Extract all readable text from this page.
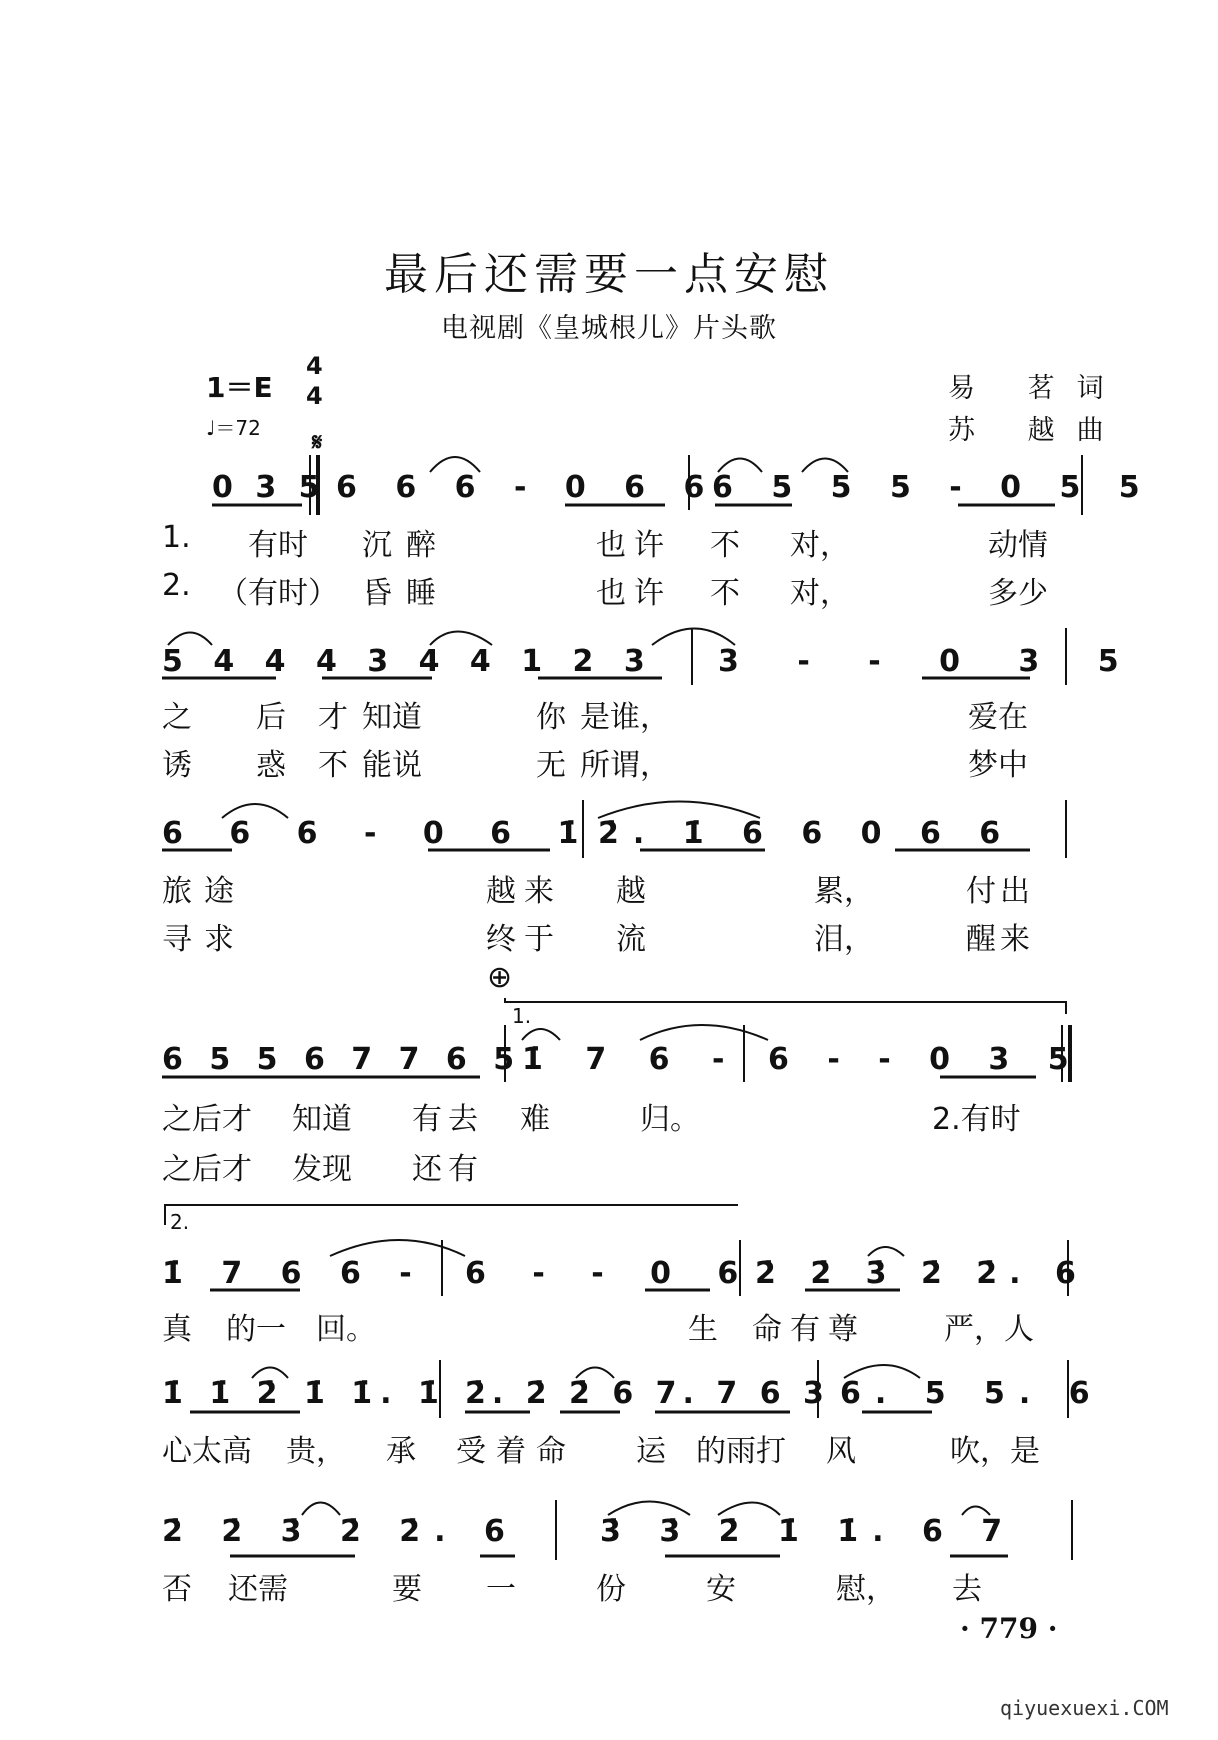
最后还需要一点安慰
电视剧《皇城根儿》片头歌
1＝E
4
4
♩＝72 𝄋
易 茗词
苏 越曲
0 3 5 6 6 6 - 0 6 6
6 5 5 5 - 0 5 5
1. 有时 沉醉	也许 不 对，	动情
2. （有时） 昏睡	也许 不 对，	多少
5 4 4 4 3 4 4 1 2 3 3 - - 0 3 5
之 后 才 知道	你 是谁，	爱在
诱 惑 不 能说	无 所谓，	梦中
6 6 6 - 0 6 1̇ 2̇. 1̇ 6 6 0 6 6
旅途	越来 越	累，	付出
寻求	终于 流	泪，	醒来
⊕
1.
6 5 5 6 7 7 6 5 1̇ 7 6 - 6 - - 0 3 5
之后才 知道 有去 难	归。	2.有时
之后才 发现 还有
2.
1̇ 7 6 6 - 6 - - 0 6
2̇ 2̇ 3̇ 2̇ 2̇. 6
真 的一 回。	生 命有尊	严，人
1̇ 1̇ 2̇ 1̇ 1̇. 1̇ 2̇. 2̇ 2̇ 6 7. 7 6 3 6. 5 5. 6
心太高 贵， 承 受着命 运 的雨打 风	吹，是
2̇ 2̇ 3̇ 2̇ 2̇. 6	3̇ 3̇ 2̇ 1̇ 1̇. 6 7
否 还需	要 一	份	安	慰， 去
· 779 ·
qiyuexuexi.COM
